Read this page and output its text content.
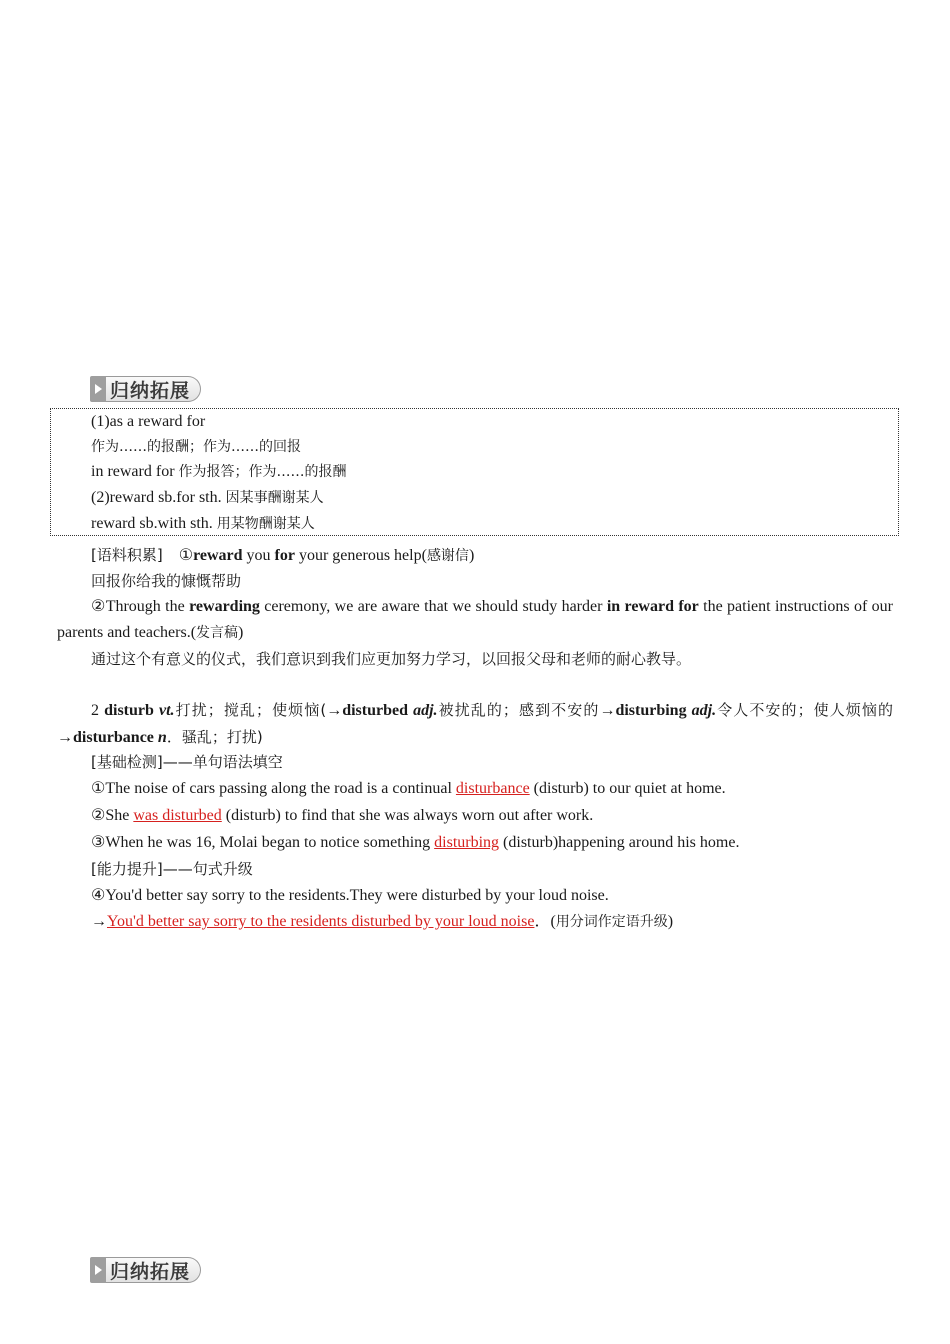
归纳拓展
(1)as a reward for
作为……的报酬；作为……的回报
in reward for 作为报答；作为……的报酬
(2)reward sb.for sth. 因某事酬谢某人
reward sb.with sth. 用某物酬谢某人
[语料积累] ①reward you for your generous help(感谢信)
回报你给我的慷慨帮助
②Through the rewarding ceremony, we are aware that we should study harder in reward for the patient instructions of our parents and teachers.(发言稿)
通过这个有意义的仪式，我们意识到我们应更加努力学习，以回报父母和老师的耐心教导。
2 disturb vt.打扰；搅乱；使烦恼(→disturbed adj.被扰乱的；感到不安的→disturbing adj.令人不安的；使人烦恼的→disturbance n．骚乱；打扰)
[基础检测]——单句语法填空
①The noise of cars passing along the road is a continual disturbance (disturb) to our quiet at home.
②She was disturbed (disturb) to find that she was always worn out after work.
③When he was 16, Molai began to notice something disturbing (disturb)happening around his home.
[能力提升]——句式升级
④You'd better say sorry to the residents.They were disturbed by your loud noise.
→You'd better say sorry to the residents disturbed by your loud noise．(用分词作定语升级)
归纳拓展
